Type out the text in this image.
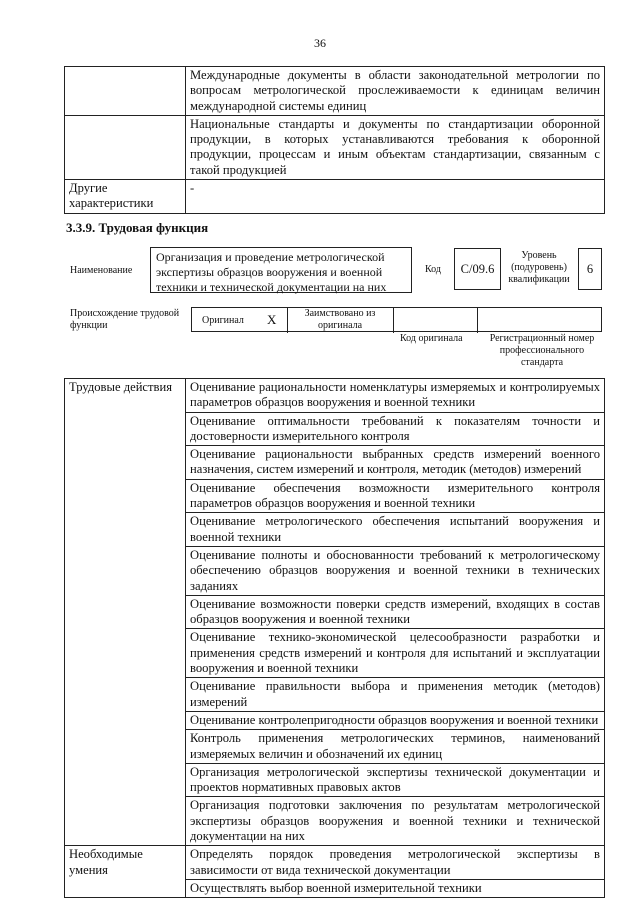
36
	Международные документы в области законодательной метрологии по вопросам метрологической прослеживаемости к единицам величин международной системы единиц
	Национальные стандарты и документы по стандартизации оборонной продукции, в которых устанавливаются требования к оборонной продукции, процессам и иным объектам стандартизации, связанным с такой продукцией
Другие характеристики	-
3.3.9. Трудовая функция
Наименование
Организация и проведение метрологической экспертизы образцов вооружения и военной техники и технической документации на них
Код	C/09.6
Уровень (подуровень) квалификации
6
Происхождение трудовой функции	Оригинал X	Заимствовано из оригинала
Код оригинала	Регистрационный номер профессионального стандарта
Трудовые действия	Оценивание рациональности номенклатуры измеряемых и контролируемых параметров образцов вооружения и военной техники
	Оценивание оптимальности требований к показателям точности и достоверности измерительного контроля
	Оценивание рациональности выбранных средств измерений военного назначения, систем измерений и контроля, методик (методов) измерений
	Оценивание обеспечения возможности измерительного контроля параметров образцов вооружения и военной техники
	Оценивание метрологического обеспечения испытаний вооружения и военной техники
	Оценивание полноты и обоснованности требований к метрологическому обеспечению образцов вооружения и военной техники в технических заданиях
	Оценивание возможности поверки средств измерений, входящих в состав образцов вооружения и военной техники
	Оценивание технико-экономической целесообразности разработки и применения средств измерений и контроля для испытаний и эксплуатации вооружения и военной техники
	Оценивание правильности выбора и применения методик (методов) измерений
	Оценивание контролепригодности образцов вооружения и военной техники
	Контроль применения метрологических терминов, наименований измеряемых величин и обозначений их единиц
	Организация метрологической экспертизы технической документации и проектов нормативных правовых актов
	Организация подготовки заключения по результатам метрологической экспертизы образцов вооружения и военной техники и технической документации на них
Необходимые умения	Определять порядок проведения метрологической экспертизы в зависимости от вида технической документации
	Осуществлять выбор военной измерительной техники
